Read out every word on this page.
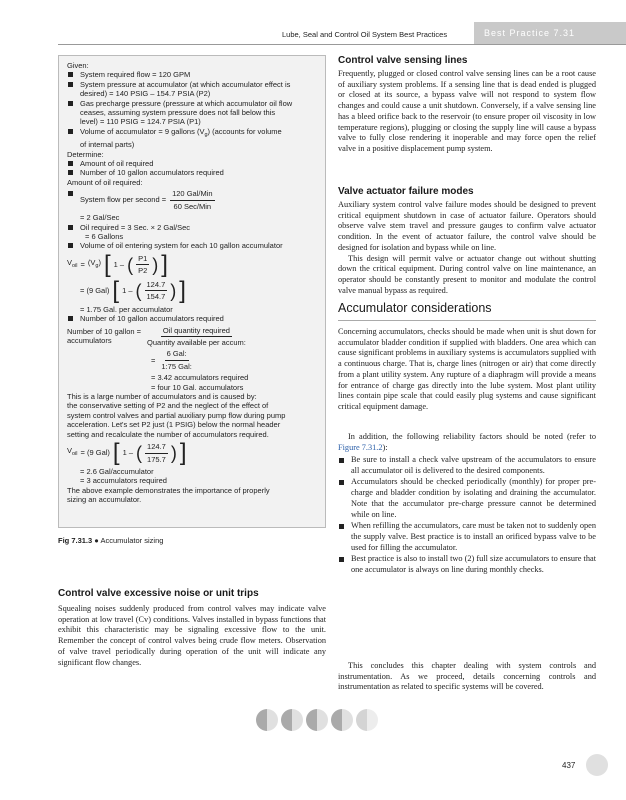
Lube, Seal and Control Oil System Best Practices	Best Practice 7.31
Given:
System required flow = 120 GPM
System pressure at accumulator (at which accumulator effect is
desired) = 140 PSIG – 154.7 PSIA (P2)
Gas precharge pressure (pressure at which accumulator oil flow
ceases, assuming system pressure does not fall below this
level) = 110 PSIG = 124.7 PSIA (P1)
Volume of accumulator = 9 gallons $(V_g)$ (accounts for volume
of internal parts)
Determine:
Amount of oil required
Number of 10 gallon accumulators required
Amount of oil required:
System flow per second = $\frac{\text{120 Gal/Min}}{\text{60 Sec/Min}}$
= 2 Gal/Sec
Oil required = 3 Sec. × 2 Gal/Sec
= 6 Gallons
Volume of oil entering system for each 10 gallon accumulator
$V_{oil} = (V_g)$ [ 1 – ( $\frac{P1}{P2}$ ) ]
= (9 Gal) [ 1 – ( $\frac{124.7}{154.7}$ ) ]
= 1.75 Gal. per accumulator
Number of 10 gallon accumulators required
Number of 10 gallon =
accumulators	$\frac{\text{Oil quantity required}}{\text{Quantity available per accum:}}$
= $\frac{\text{6 Gal:}}{\text{1:75 Gal:}}$
= 3.42 accumulators required
= four 10 Gal. accumulators
This is a large number of accumulators and is caused by:
the conservative setting of P2 and the neglect of the effect of
system control valves and partial auxiliary pump flow during pump
acceleration. Let's set P2 just (1 PSIG) below the normal header
setting and recalculate the number of accumulators required.
$V_{oil} = (9$ Gal) [ 1 – ( $\frac{124.7}{175.7}$ ) ]
= 2.6 Gal/accumulator
= 3 accumulators required
The above example demonstrates the importance of properly
sizing an accumulator.
Fig 7.31.3 ● Accumulator sizing
Control valve excessive noise or unit trips

Squealing noises suddenly produced from control valves may indicate valve operation at low travel (Cv) conditions. Valves installed in bypass functions that exhibit this characteristic may be signaling excessive flow to the unit. Remember the concept of control valves being crude flow meters. Observation of valve travel periodically during operation of the unit will indicate any significant flow changes.

Control valve sensing lines

Frequently, plugged or closed control valve sensing lines can be a root cause of auxiliary system problems. If a sensing line that is dead ended is plugged or closed at its source, a bypass valve will not respond to system flow changes and could cause a unit shutdown. Conversely, if a valve sensing line has a bleed orifice back to the reservoir (to ensure proper oil viscosity in low temperature regions), plugging or closing the supply line will cause a bypass valve to fully close rendering it inoperable and may force open the relief valve in a positive displacement pump system.

Valve actuator failure modes

Auxiliary system control valve failure modes should be designed to prevent critical equipment shutdown in case of actuator failure. Operators should observe valve stem travel and pressure gauges to confirm valve actuator condition. In the event of actuator failure, the control valve should be designed for isolation and bypass while on line.

This design will permit valve or actuator change out without shutting down the critical equipment. During control valve on line maintenance, an operator should be constantly present to monitor and modulate the control valve manual bypass as required.

Accumulator considerations

Concerning accumulators, checks should be made when unit is shut down for accumulator bladder condition if supplied with bladders. One area which can cause significant problems in auxiliary systems is accumulators supplied with a continuous charge. That is, charge lines (nitrogen or air) that come directly from a plant utility system. Any rupture of a diaphragm will provide a means for entrance of charge gas directly into the lube system. Most plant utility lines contain pipe scale that could easily plug systems and cause significant critical equipment damage.

In addition, the following reliability factors should be noted (refer to Figure 7.31.2):

Be sure to install a check valve upstream of the accumulators to ensure all accumulator oil is delivered to the desired components.
Accumulators should be checked periodically (monthly) for proper pre-charge and bladder condition by isolating and draining the accumulator. Note that the accumulator pre-charge pressure cannot be determined while on line.
When refilling the accumulators, care must be taken not to suddenly open the supply valve. Best practice is to install an orificed bypass valve to be used for filling the accumulator.
Best practice is also to install two (2) full size accumulators to ensure that one accumulator is always on line during monthly checks.

This concludes this chapter dealing with system controls and instrumentation. As we proceed, details concerning controls and instrumentation as related to specific systems will be covered.

437
